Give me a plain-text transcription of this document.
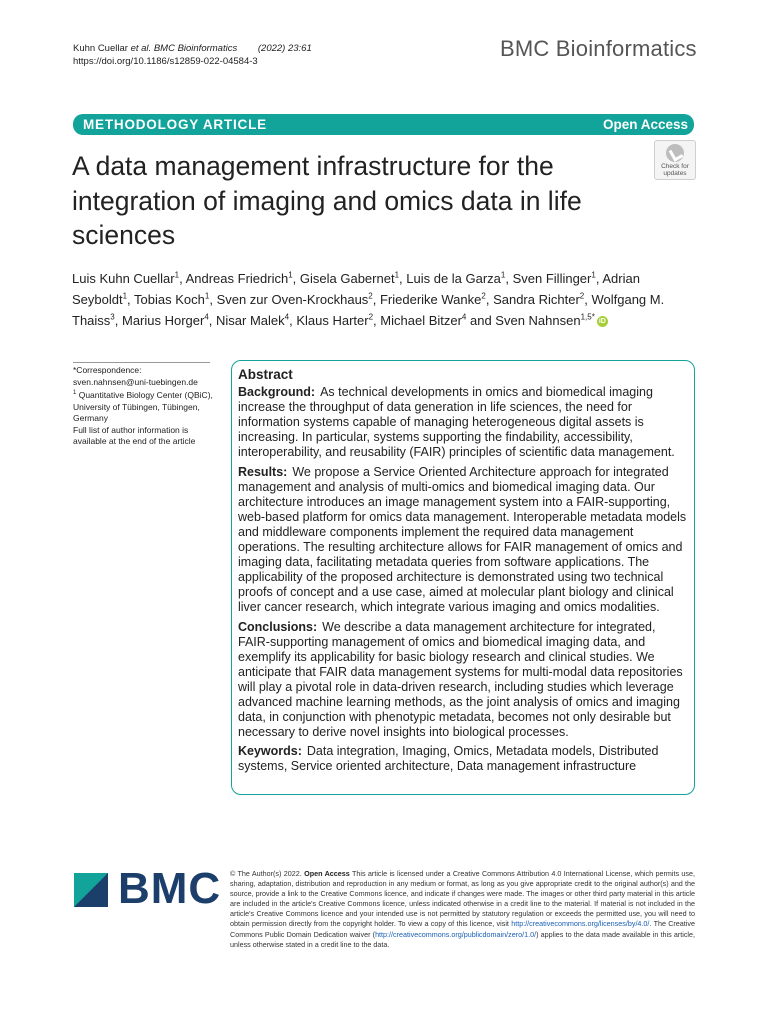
Kuhn Cuellar et al. BMC Bioinformatics (2022) 23:61
https://doi.org/10.1186/s12859-022-04584-3
BMC Bioinformatics
METHODOLOGY ARTICLE	Open Access
A data management infrastructure for the integration of imaging and omics data in life sciences
Check for
updates
Luis Kuhn Cuellar$^1$, Andreas Friedrich$^1$, Gisela Gabernet$^1$, Luis de la Garza$^1$, Sven Fillinger$^1$, Adrian Seyboldt$^1$, Tobias Koch$^1$, Sven zur Oven-Krockhaus$^2$, Friederike Wanke$^2$, Sandra Richter$^2$, Wolfgang M. Thaiss$^3$, Marius Horger$^4$, Nisar Malek$^4$, Klaus Harter$^2$, Michael Bitzer$^4$ and Sven Nahnsen$^{1,5*}$ iD
*Correspondence:
sven.nahnsen@uni-tuebingen.de
$^1$ Quantitative Biology Center (QBiC), University of Tübingen, Tübingen, Germany
Full list of author information is available at the end of the article
Abstract

Background: As technical developments in omics and biomedical imaging increase the throughput of data generation in life sciences, the need for information systems capable of managing heterogeneous digital assets is increasing. In particular, systems supporting the findability, accessibility, interoperability, and reusability (FAIR) principles of scientific data management.

Results: We propose a Service Oriented Architecture approach for integrated management and analysis of multi-omics and biomedical imaging data. Our architecture introduces an image management system into a FAIR-supporting, web-based platform for omics data management. Interoperable metadata models and middleware components implement the required data management operations. The resulting architecture allows for FAIR management of omics and imaging data, facilitating metadata queries from software applications. The applicability of the proposed architecture is demonstrated using two technical proofs of concept and a use case, aimed at molecular plant biology and clinical liver cancer research, which integrate various imaging and omics modalities.

Conclusions: We describe a data management architecture for integrated, FAIR-supporting management of omics and biomedical imaging data, and exemplify its applicability for basic biology research and clinical studies. We anticipate that FAIR data management systems for multi-modal data repositories will play a pivotal role in data-driven research, including studies which leverage advanced machine learning methods, as the joint analysis of omics and imaging data, in conjunction with phenotypic metadata, becomes not only desirable but necessary to derive novel insights into biological processes.

Keywords: Data integration, Imaging, Omics, Metadata models, Distributed systems, Service oriented architecture, Data management infrastructure

BMC © The Author(s) 2022. Open Access This article is licensed under a Creative Commons Attribution 4.0 International License, which permits use, sharing, adaptation, distribution and reproduction in any medium or format, as long as you give appropriate credit to the original author(s) and the source, provide a link to the Creative Commons licence, and indicate if changes were made. The images or other third party material in this article are included in the article's Creative Commons licence, unless indicated otherwise in a credit line to the material. If material is not included in the article's Creative Commons licence and your intended use is not permitted by statutory regulation or exceeds the permitted use, you will need to obtain permission directly from the copyright holder. To view a copy of this licence, visit http://creativecommons.org/licenses/by/4.0/. The Creative Commons Public Domain Dedication waiver (http://creativecommons.org/publicdomain/zero/1.0/) applies to the data made available in this article, unless otherwise stated in a credit line to the data.
